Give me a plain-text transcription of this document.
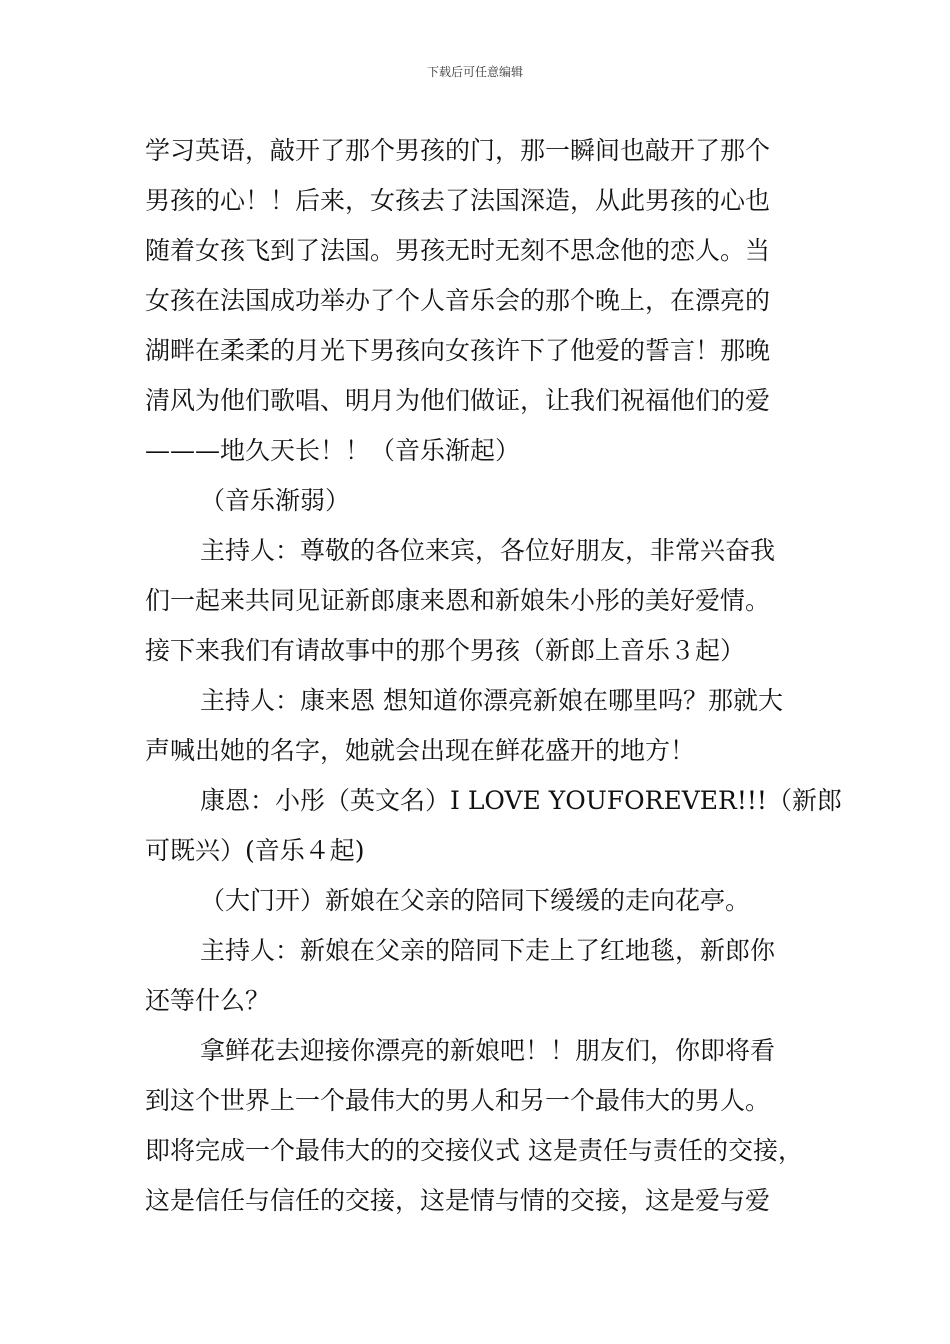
下载后可任意编辑
学习英语，敲开了那个男孩的门，那一瞬间也敲开了那个
男孩的心！！后来，女孩去了法国深造，从此男孩的心也
随着女孩飞到了法国。男孩无时无刻不思念他的恋人。当
女孩在法国成功举办了个人音乐会的那个晚上，在漂亮的
湖畔在柔柔的月光下男孩向女孩许下了他爱的誓言！那晚
清风为他们歌唱、明月为他们做证，让我们祝福他们的爱
———地久天长！！（音乐渐起）
（音乐渐弱）
主持人：尊敬的各位来宾，各位好朋友，非常兴奋我
们一起来共同见证新郎康来恩和新娘朱小彤的美好爱情。
接下来我们有请故事中的那个男孩（新郎上音乐３起）
主持人：康来恩 想知道你漂亮新娘在哪里吗？那就大
声喊出她的名字，她就会出现在鲜花盛开的地方！
康恩：小彤（英文名）I LOVE YOUFOREVER!!!（新郎
可既兴）(音乐４起)
（大门开）新娘在父亲的陪同下缓缓的走向花亭。
主持人：新娘在父亲的陪同下走上了红地毯，新郎你
还等什么？
拿鲜花去迎接你漂亮的新娘吧！！朋友们，你即将看
到这个世界上一个最伟大的男人和另一个最伟大的男人。
即将完成一个最伟大的的交接仪式 这是责任与责任的交接，
这是信任与信任的交接，这是情与情的交接，这是爱与爱
